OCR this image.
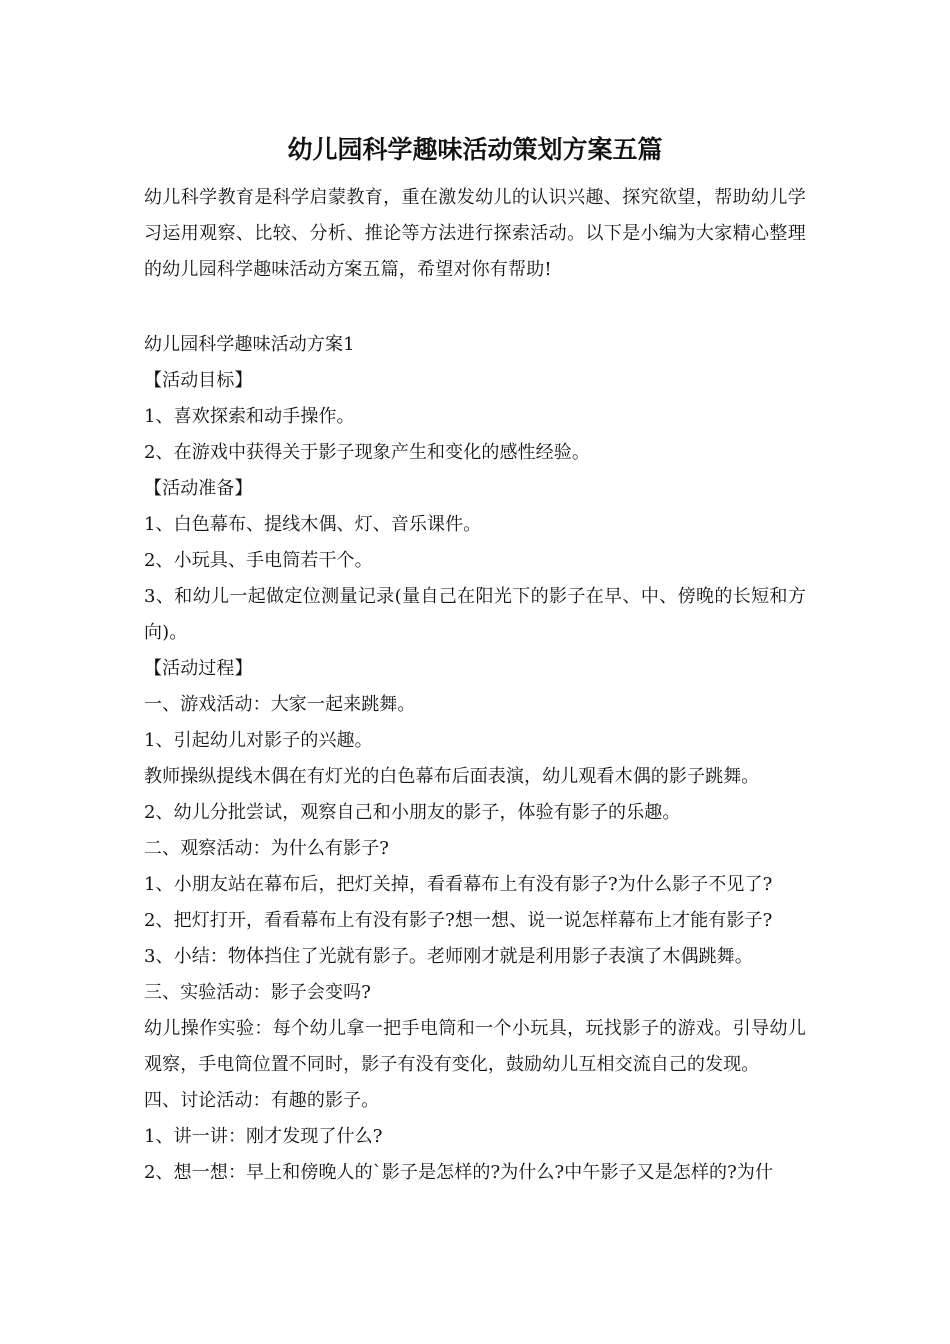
幼儿园科学趣味活动策划方案五篇

幼儿科学教育是科学启蒙教育，重在激发幼儿的认识兴趣、探究欲望，帮助幼儿学习运用观察、比较、分析、推论等方法进行探索活动。以下是小编为大家精心整理的幼儿园科学趣味活动方案五篇，希望对你有帮助!

幼儿园科学趣味活动方案1
【活动目标】
1、喜欢探索和动手操作。
2、在游戏中获得关于影子现象产生和变化的感性经验。
【活动准备】
1、白色幕布、提线木偶、灯、音乐课件。
2、小玩具、手电筒若干个。
3、和幼儿一起做定位测量记录(量自己在阳光下的影子在早、中、傍晚的长短和方向)。
【活动过程】
一、游戏活动：大家一起来跳舞。
1、引起幼儿对影子的兴趣。
教师操纵提线木偶在有灯光的白色幕布后面表演，幼儿观看木偶的影子跳舞。
2、幼儿分批尝试，观察自己和小朋友的影子，体验有影子的乐趣。
二、观察活动：为什么有影子?
1、小朋友站在幕布后，把灯关掉，看看幕布上有没有影子?为什么影子不见了?
2、把灯打开，看看幕布上有没有影子?想一想、说一说怎样幕布上才能有影子?
3、小结：物体挡住了光就有影子。老师刚才就是利用影子表演了木偶跳舞。
三、实验活动：影子会变吗?
幼儿操作实验：每个幼儿拿一把手电筒和一个小玩具，玩找影子的游戏。引导幼儿观察，手电筒位置不同时，影子有没有变化，鼓励幼儿互相交流自己的发现。
四、讨论活动：有趣的影子。
1、讲一讲：刚才发现了什么?
2、想一想：早上和傍晚人的`影子是怎样的?为什么?中午影子又是怎样的?为什
